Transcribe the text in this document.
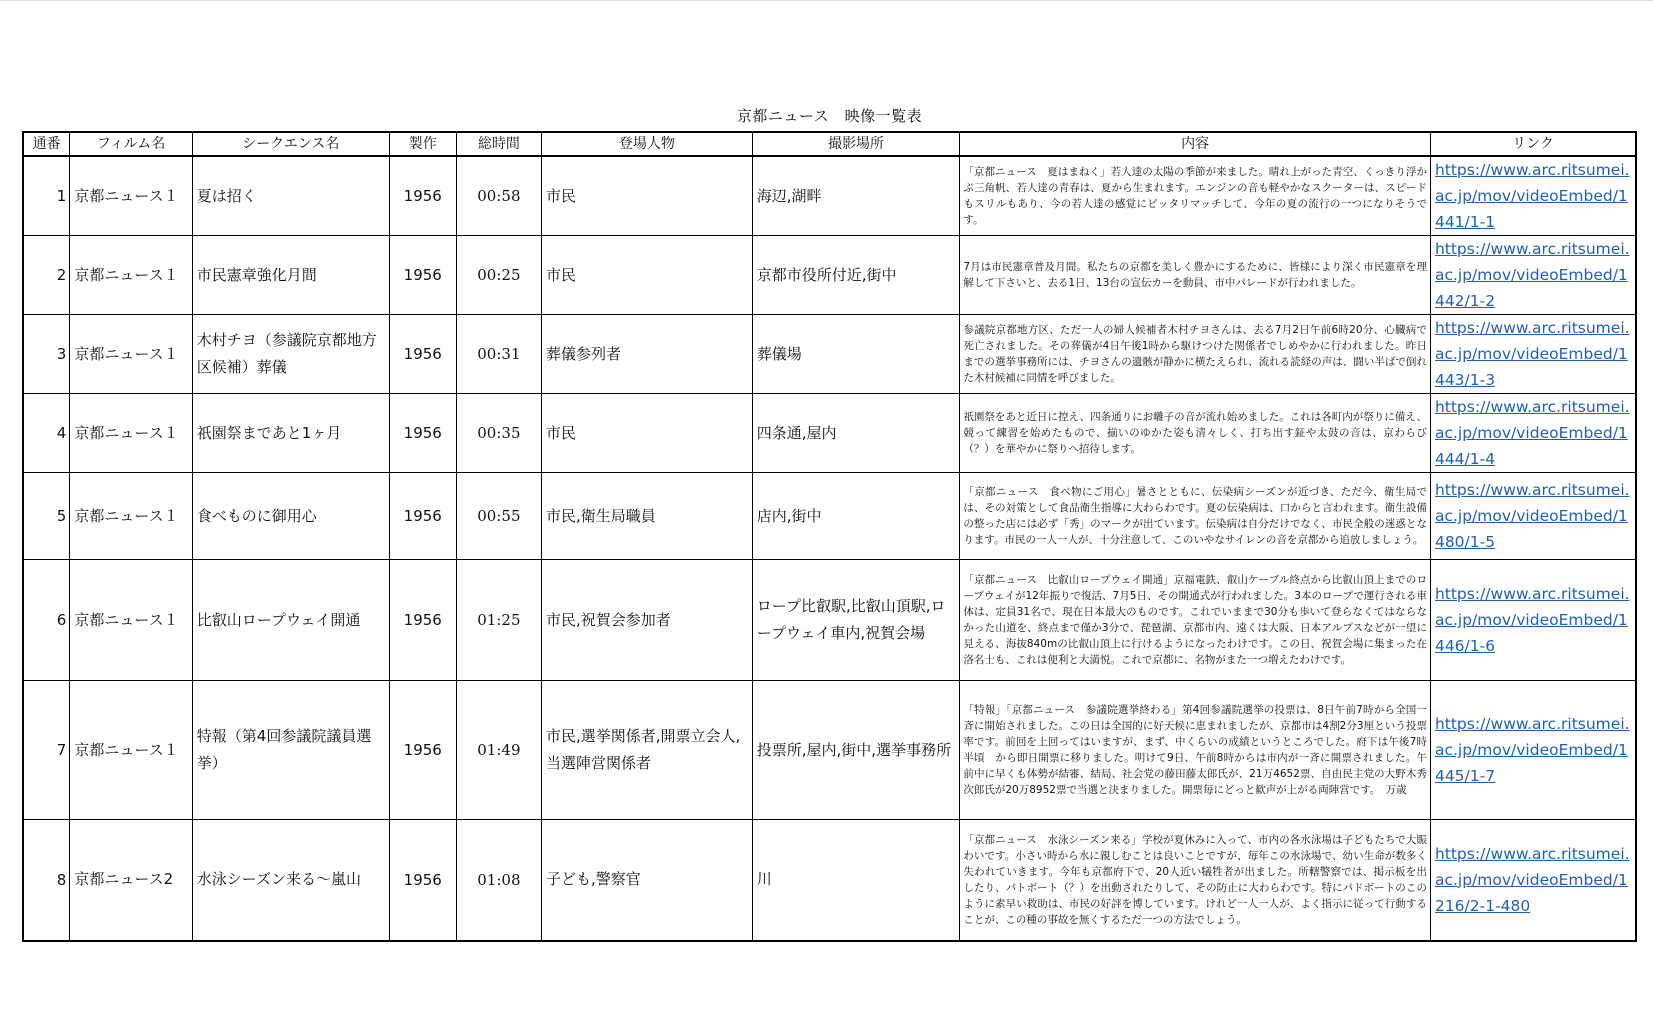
京都ニュース　映像一覧表
通番	フィルム名	シークエンス名	製作	総時間	登場人物	撮影場所	内容	リンク
1	京都ニュース１	夏は招く	1956	00:58	市民	海辺,湖畔	「京都ニュース　夏はまねく」若人達の太陽の季節が来ました。晴れ上がった青空、くっきり浮かぶ三角帆、若人達の青春は、夏から生まれます。エンジンの音も軽やかなスクーターは、スピードもスリルもあり、今の若人達の感覚にピッタリマッチして、今年の夏の流行の一つになりそうです。	https://www.arc.ritsumei.ac.jp/mov/videoEmbed/1441/1-1

2	京都ニュース１	市民憲章強化月間	1956	00:25	市民	京都市役所付近,街中	7月は市民憲章普及月間。私たちの京都を美しく豊かにするために、皆様により深く市民憲章を理解して下さいと、去る1日、13台の宣伝カーを動員、市中パレードが行われました。	https://www.arc.ritsumei.ac.jp/mov/videoEmbed/1442/1-2

3	京都ニュース１	木村チヨ（参議院京都地方区候補）葬儀	1956	00:31	葬儀参列者	葬儀場	参議院京都地方区、ただ一人の婦人候補者木村チヨさんは、去る7月2日午前6時20分、心臓病で死亡されました。その葬儀が4日午後1時から駆けつけた関係者でしめやかに行われました。昨日までの選挙事務所には、チヨさんの遺骸が静かに横たえられ、流れる読経の声は、闘い半ばで倒れた木村候補に同情を呼びました。	https://www.arc.ritsumei.ac.jp/mov/videoEmbed/1443/1-3

4	京都ニュース１	祇園祭まであと1ヶ月	1956	00:35	市民	四条通,屋内	祇園祭をあと近日に控え、四条通りにお囃子の音が流れ始めました。これは各町内が祭りに備え、競って練習を始めたもので、揃いのゆかた姿も清々しく、打ち出す鉦や太鼓の音は、京わらび（？）を華やかに祭りへ招待します。	https://www.arc.ritsumei.ac.jp/mov/videoEmbed/1444/1-4

5	京都ニュース１	食べものに御用心	1956	00:55	市民,衛生局職員	店内,街中	「京都ニュース　食べ物にご用心」暑さとともに、伝染病シーズンが近づき、ただ今、衛生局では、その対策として食品衛生指導に大わらわです。夏の伝染病は、口からと言われます。衛生設備の整った店には必ず「秀」のマークが出ています。伝染病は自分だけでなく、市民全般の迷惑となります。市民の一人一人が、十分注意して、このいやなサイレンの音を京都から追放しましょう。	https://www.arc.ritsumei.ac.jp/mov/videoEmbed/1480/1-5

6	京都ニュース１	比叡山ロープウェイ開通	1956	01:25	市民,祝賀会参加者	ロープ比叡駅,比叡山頂駅,ロープウェイ車内,祝賀会場	「京都ニュース　比叡山ロープウェイ開通」京福電鉄、叡山ケーブル終点から比叡山頂上までのロープウェイが12年振りで復活、7月5日、その開通式が行われました。3本のロープで運行される車体は、定員31名で、現在日本最大のものです。これでいままで30分も歩いて登らなくてはならなかった山道を、終点まで僅か3分で、琵琶湖、京都市内、遠くは大阪、日本アルプスなどが一望に見える、海抜840mの比叡山頂上に行けるようになったわけです。この日、祝賀会場に集まった在洛名士も、これは便利と大満悦。これで京都に、名物がまた一つ増えたわけです。	https://www.arc.ritsumei.ac.jp/mov/videoEmbed/1446/1-6

7	京都ニュース１	特報（第4回参議院議員選挙）	1956	01:49	市民,選挙関係者,開票立会人,当選陣営関係者	投票所,屋内,街中,選挙事務所	「特報」「京都ニュース　参議院選挙終わる」第4回参議院選挙の投票は、8日午前7時から全国一斉に開始されました。この日は全国的に好天候に恵まれましたが、京都市は4割2分3厘という投票率です。前回を上回ってはいますが、まず、中くらいの成績というところでした。府下は午後7時半頃　から即日開票に移りました。明けて9日、午前8時からは市内が一斉に開票されました。午前中に早くも体勢が結審、結局、社会党の藤田藤太郎氏が、21万4652票、自由民主党の大野木秀次郎氏が20万8952票で当選と決まりました。開票毎にどっと歓声が上がる両陣営です。　万歳	https://www.arc.ritsumei.ac.jp/mov/videoEmbed/1445/1-7

8	京都ニュース2	水泳シーズン来る～嵐山	1956	01:08	子ども,警察官	川	「京都ニュース　水泳シーズン来る」学校が夏休みに入って、市内の各水泳場は子どもたちで大賑わいです。小さい時から水に親しむことは良いことですが、毎年この水泳場で、幼い生命が数多く失われていきます。今年も京都府下で、20人近い犠牲者が出ました。所轄警察では、掲示板を出したり、パトボート（？）を出動されたりして、その防止に大わらわです。特にパドボートのこのように素早い救助は、市民の好評を博しています。けれど一人一人が、よく指示に従って行動することが、この種の事故を無くするただ一つの方法でしょう。	https://www.arc.ritsumei.ac.jp/mov/videoEmbed/1216/2-1-480
